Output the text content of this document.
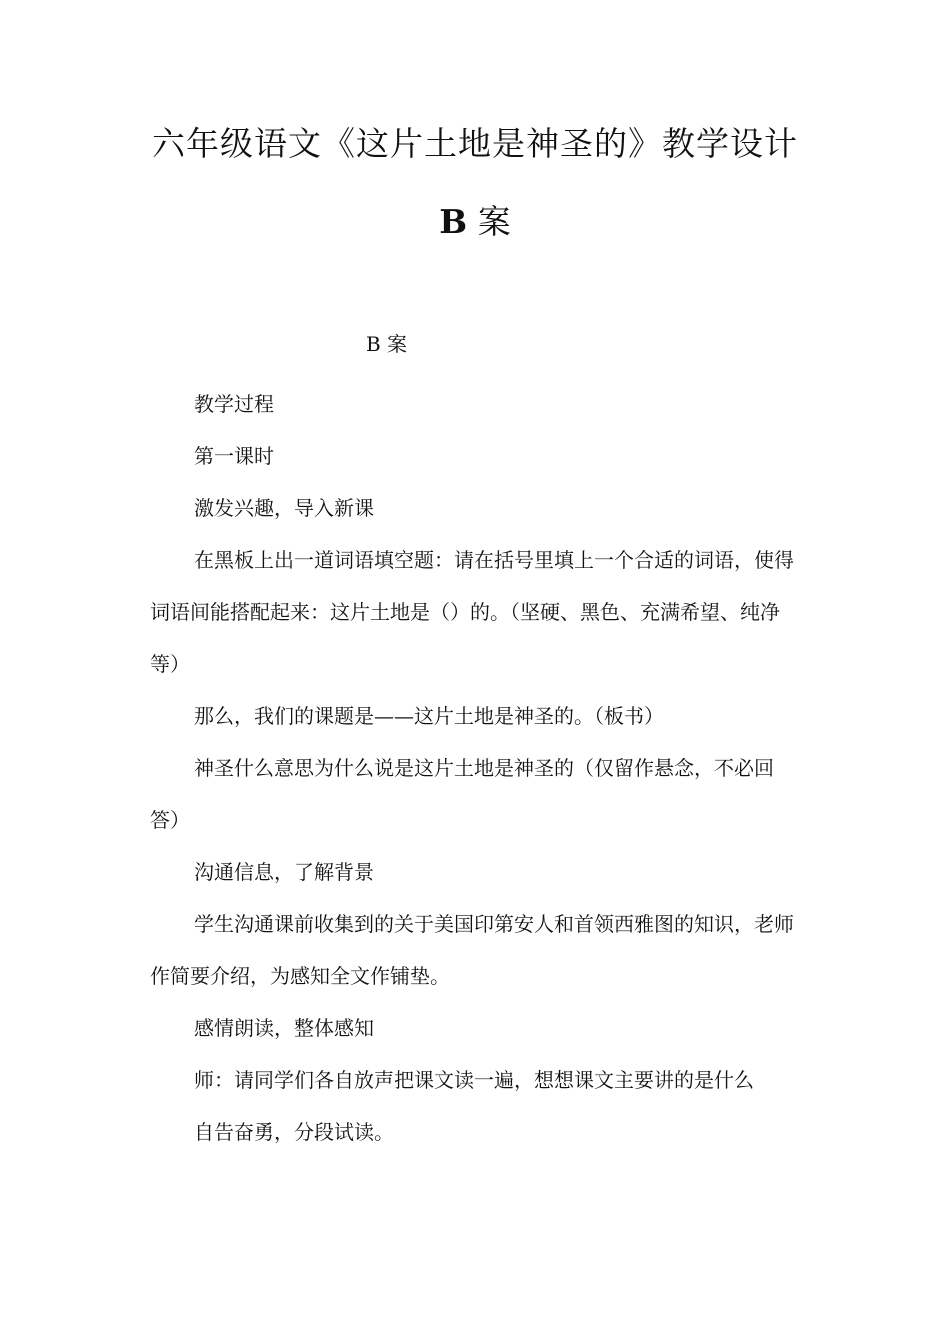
六年级语文《这片土地是神圣的》教学设计
B 案
B 案

教学过程

第一课时

激发兴趣，导入新课

在黑板上出一道词语填空题：请在括号里填上一个合适的词语，使得词语间能搭配起来：这片土地是（）的。（坚硬、黑色、充满希望、纯净等）

那么，我们的课题是——这片土地是神圣的。（板书）

神圣什么意思为什么说是这片土地是神圣的（仅留作悬念，不必回答）

沟通信息，了解背景

学生沟通课前收集到的关于美国印第安人和首领西雅图的知识，老师作简要介绍，为感知全文作铺垫。

感情朗读，整体感知

师：请同学们各自放声把课文读一遍，想想课文主要讲的是什么

自告奋勇，分段试读。
